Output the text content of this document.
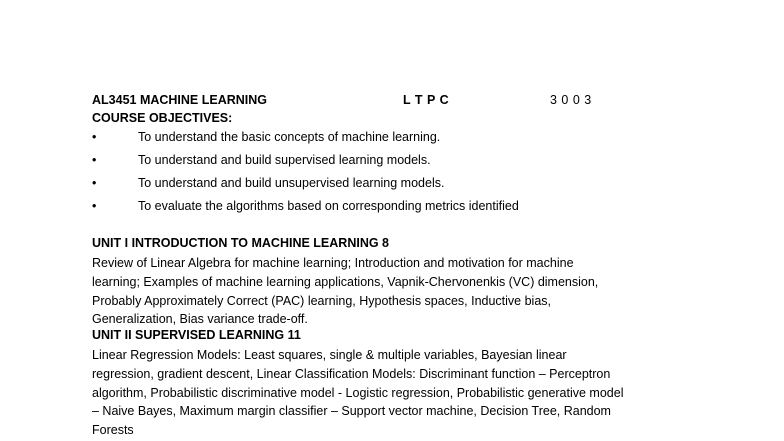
AL3451 MACHINE LEARNING	L T P C	3 0 0 3
COURSE OBJECTIVES:
•	To understand the basic concepts of machine learning.
•	To understand and build supervised learning models.
•	To understand and build unsupervised learning models.
•	To evaluate the algorithms based on corresponding metrics identified
UNIT I INTRODUCTION TO MACHINE LEARNING 8
Review of Linear Algebra for machine learning; Introduction and motivation for machine
learning; Examples of machine learning applications, Vapnik-Chervonenkis (VC) dimension,
Probably Approximately Correct (PAC) learning, Hypothesis spaces, Inductive bias,
Generalization, Bias variance trade-off.
UNIT II SUPERVISED LEARNING 11
Linear Regression Models: Least squares, single & multiple variables, Bayesian linear
regression, gradient descent, Linear Classification Models: Discriminant function – Perceptron
algorithm, Probabilistic discriminative model - Logistic regression, Probabilistic generative model
– Naive Bayes, Maximum margin classifier – Support vector machine, Decision Tree, Random
Forests
